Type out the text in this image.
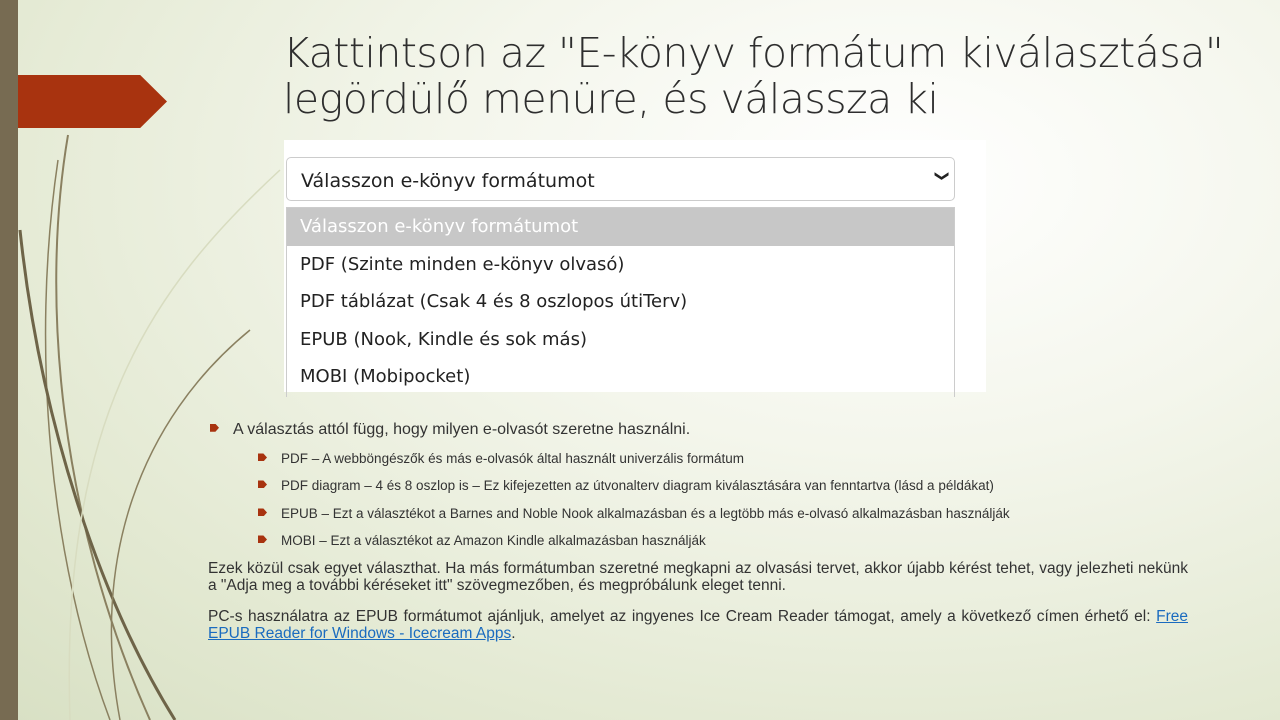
Kattintson az "E-könyv formátum kiválasztása" legördülő menüre, és válassza ki
Válasszon e-könyv formátumot	❯
Válasszon e-könyv formátumot
PDF (Szinte minden e-könyv olvasó)
PDF táblázat (Csak 4 és 8 oszlopos útiTerv)
EPUB (Nook, Kindle és sok más)
MOBI (Mobipocket)
A választás attól függ, hogy milyen e-olvasót szeretne használni.
PDF – A webböngészők és más e-olvasók által használt univerzális formátum
PDF diagram – 4 és 8 oszlop is – Ez kifejezetten az útvonalterv diagram kiválasztására van fenntartva (lásd a példákat)
EPUB – Ezt a választékot a Barnes and Noble Nook alkalmazásban és a legtöbb más e-olvasó alkalmazásban használják
MOBI – Ezt a választékot az Amazon Kindle alkalmazásban használják
Ezek közül csak egyet választhat. Ha más formátumban szeretné megkapni az olvasási tervet, akkor újabb kérést tehet, vagy jelezheti nekünk a "Adja meg a további kéréseket itt" szövegmezőben, és megpróbálunk eleget tenni.
PC-s használatra az EPUB formátumot ajánljuk, amelyet az ingyenes Ice Cream Reader támogat, amely a következő címen érhető el: Free EPUB Reader for Windows - Icecream Apps.
